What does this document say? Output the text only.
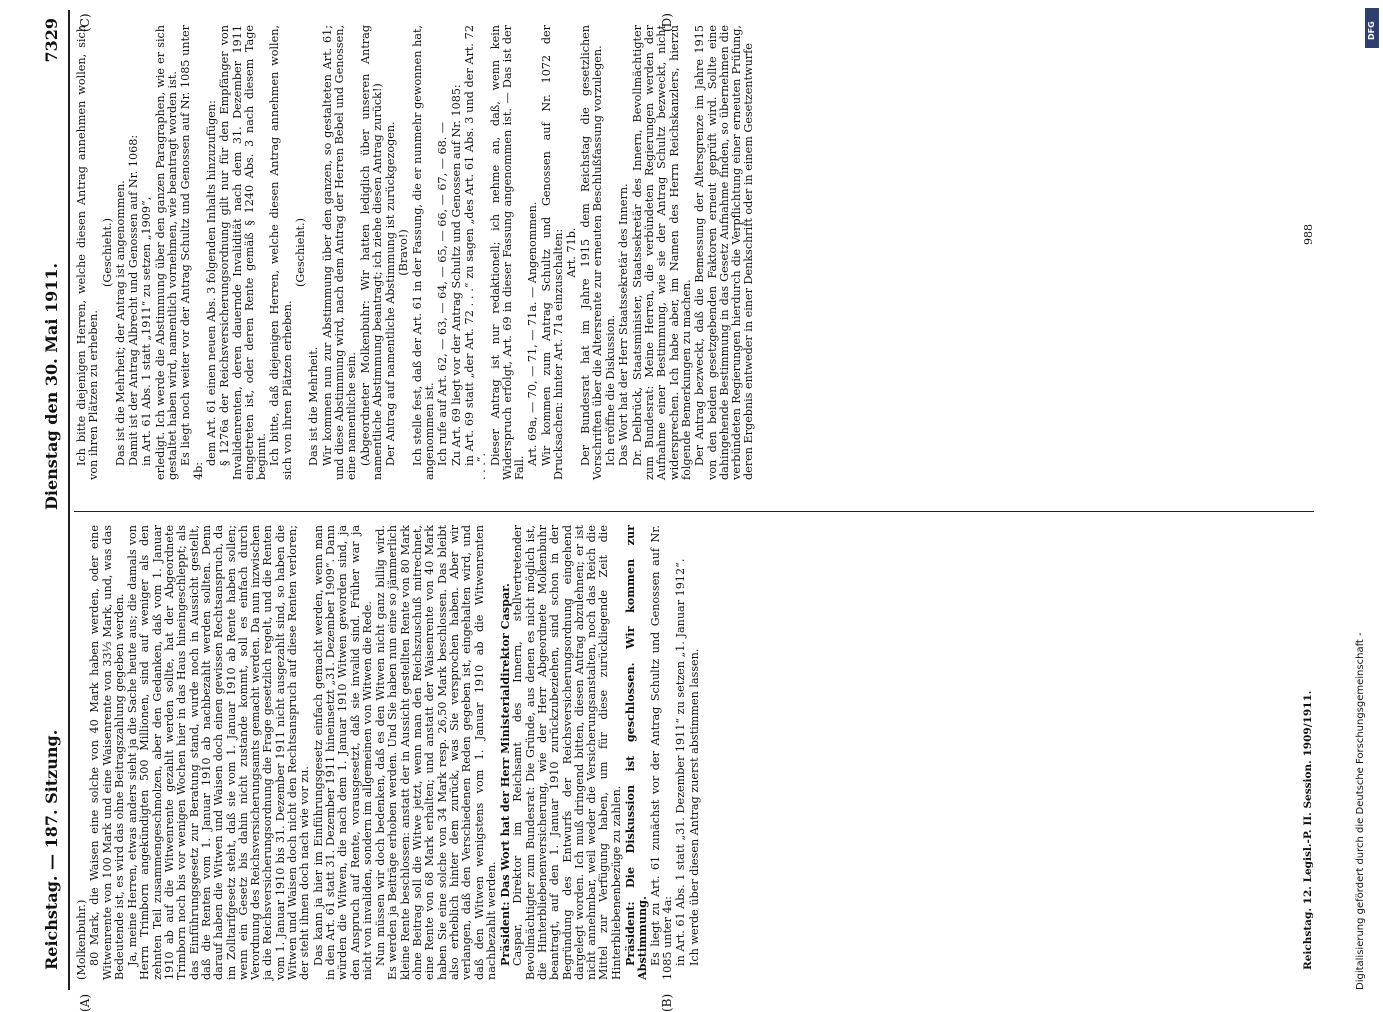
Reichstag. — 187. Sitzung.
Dienstag den 30. Mai 1911.
7329
(A)	(B)
(C)	(D)

(Molkenbuhr.) 80 Mark, die Waisen eine solche von 40 Mark haben werden, oder eine Witwenrente von 100 Mark und eine Waisenrente von 33⅓ Mark, und, was das Bedeutende ist, es wird das ohne Beitragszahlung gegeben werden. Ja, meine Herren, etwas anders sieht ja die Sache heute aus; die damals von Herrn Trimborn angekündigten 500 Millionen, sind auf weniger als den zehnten Teil zusammengeschmolzen, aber den Gedanken, daß vom 1. Januar 1910 ab auf die Witwenrente gezahlt werden sollte, hat der Abgeordnete Trimborn noch bis vor wenigen Wochen hier in das Haus hineingeschleppt; als das Einführungsgesetz zur Beratung stand, wurde noch in Aussicht gestellt, daß die Renten vom 1. Januar 1910 ab nachbezahlt werden sollten. Denn darauf haben die Witwen und Waisen doch einen gewissen Rechtsanspruch, da im Zolltarifgesetz steht, daß sie vom 1. Januar 1910 ab Rente haben sollen; wenn ein Gesetz bis dahin nicht zustande kommt, soll es einfach durch Verordnung des Reichsversicherungsamts gemacht werden. Da nun inzwischen ja die Reichsversicherungsordnung die Frage gesetzlich regelt, und die Renten vom 1. Januar 1910 bis 31. Dezember 1911 nicht ausgezahlt sind, so haben die Witwen und Waisen doch nicht den Rechtsanspruch auf diese Renten verloren; der steht ihnen doch nach wie vor zu. Das kann ja hier im Einführungsgesetz einfach gemacht werden, wenn man in den Art. 61 statt 31. Dezember 1911 hineinsetzt „31. Dezember 1909“. Dann würden die Witwen, die nach dem 1. Januar 1910 Witwen geworden sind, ja den Anspruch auf Rente, vorausgesetzt, daß sie invalid sind. Früher war ja nicht von invaliden, sondern im allgemeinen von Witwen die Rede. Nun müssen wir doch bedenken, daß es den Witwen nicht ganz billig wird. Es werden ja Beiträge erhoben werden. Und Sie haben nun eine so jämmerlich kleine Rente beschlossen: anstatt der in Aussicht gestellten Rente von 80 Mark ohne Beitrag soll die Witwe jetzt, wenn man den Reichszuschuß mitrechnet, eine Rente von 68 Mark erhalten; und anstatt der Waisenrente von 40 Mark haben Sie eine solche von 34 Mark resp. 26,50 Mark beschlossen. Das bleibt also erheblich hinter dem zurück, was Sie versprochen haben. Aber wir verlangen, daß den Verschiedenen Reden gegeben ist, eingehalten wird, und daß den Witwen wenigstens vom 1. Januar 1910 ab die Witwenrenten nachbezahlt werden. Präsident: Das Wort hat der Herr Ministerialdirektor Caspar. Caspar, Direktor im Reichsamt des Innern, stellvertretender Bevollmächtigter zum Bundesrat: Die Gründe, aus denen es nicht möglich ist, die Hinterbliebenenversicherung, wie der Herr Abgeordnete Molkenbuhr beantragt, auf den 1. Januar 1910 zurückzubeziehen, sind schon in der Begründung des Entwurfs der Reichsversicherungsordnung eingehend dargelegt worden. Ich muß dringend bitten, diesen Antrag abzulehnen; er ist nicht annehmbar, weil weder die Versicherungsanstalten, noch das Reich die Mittel zur Verfügung haben, um für diese zurückliegende Zeit die Hinterbliebenenbezüge zu zahlen. Präsident: Die Diskussion ist geschlossen. Wir kommen zur Abstimmung. Es liegt zu Art. 61 zunächst vor der Antrag Schultz und Genossen auf Nr. 1085 unter 4a: in Art. 61 Abs. 1 statt „31. Dezember 1911“ zu setzen „1. Januar 1912“. Ich werde über diesen Antrag zuerst abstimmen lassen.

Ich bitte diejenigen Herren, welche diesen Antrag annehmen wollen, sich von ihren Plätzen zu erheben.

(Geschieht.) Das ist die Mehrheit; der Antrag ist angenommen. Damit ist der Antrag Albrecht und Genossen auf Nr. 1068: in Art. 61 Abs. 1 statt „1911“ zu setzen „1909“, erledigt. Ich werde die Abstimmung über den ganzen Paragraphen, wie er sich gestaltet haben wird, namentlich vornehmen, wie beantragt worden ist. Es liegt noch weiter vor der Antrag Schultz und Genossen auf Nr. 1085 unter 4b:

dem Art. 61 einen neuen Abs. 3 folgenden Inhalts hinzuzufügen: § 1276a der Reichsversicherungsordnung gilt nur für den Empfänger von Invalidenrenten, deren dauernde Invalidität nach dem 31. Dezember 1911 eingetreten ist, oder deren Rente gemäß § 1240 Abs. 3 nach diesem Tage beginnt. Ich bitte, daß diejenigen Herren, welche diesen Antrag annehmen wollen, sich von ihren Plätzen erheben.

(Geschieht.)

Das ist die Mehrheit. Wir kommen nun zur Abstimmung über den ganzen, so gestalteten Art. 61; und diese Abstimmung wird, nach dem Antrag der Herren Bebel und Genossen, eine namentliche sein. (Abgeordneter Molkenbuhr: Wir hatten lediglich über unseren Antrag namentliche Abstimmung beantragt; ich ziehe diesen Antrag zurück!) Der Antrag auf namentliche Abstimmung ist zurückgezogen. (Bravo!) Ich stelle fest, daß der Art. 61 in der Fassung, die er nunmehr gewonnen hat, angenommen ist. Ich rufe auf Art. 62, — 63, — 64, — 65, — 66, — 67, — 68. — Zu Art. 69 liegt vor der Antrag Schultz und Genossen auf Nr. 1085: in Art. 69 statt „der Art. 72 . . .“ zu sagen „des Art. 61 Abs. 3 und der Art. 72 . . .“.

Dieser Antrag ist nur redaktionell; ich nehme an, daß, wenn kein Widerspruch erfolgt, Art. 69 in dieser Fassung angenommen ist. — Das ist der Fall.

Art. 69a, — 70, — 71, — 71a. — Angenommen. Wir kommen zum Antrag Schultz und Genossen auf Nr. 1072 der Drucksachen: hinter Art. 71a einzuschalten: Art. 71b. Der Bundesrat hat im Jahre 1915 dem Reichstag die gesetzlichen Vorschriften über die Altersrente zur erneuten Beschlußfassung vorzulegen. Ich eröffne die Diskussion. Das Wort hat der Herr Staatssekretär des Innern. Dr. Delbrück, Staatsminister, Staatssekretär des Innern, Bevollmächtigter zum Bundesrat: Meine Herren, die verbündeten Regierungen werden der Aufnahme einer Bestimmung, wie sie der Antrag Schultz bezweckt, nicht widersprechen. Ich habe aber, im Namen des Herrn Reichskanzlers, hierzu folgende Bemerkungen zu machen. Der Antrag bezweckt, daß die Bemessung der Altersgrenze im Jahre 1915 von den beiden gesetzgebenden Faktoren erneut geprüft wird. Sollte eine dahingehende Bestimmung in das Gesetz Aufnahme finden, so übernehmen die verbündeten Regierungen hierdurch die Verpflichtung einer erneuten Prüfung, deren Ergebnis entweder in einer Denkschrift oder in einem Gesetzentwurfe

Reichstag. 12. Legisl.-P. II. Session. 1909/1911.
988
Digitalisierung gefördert durch die Deutsche Forschungsgemeinschaft -
DFG
